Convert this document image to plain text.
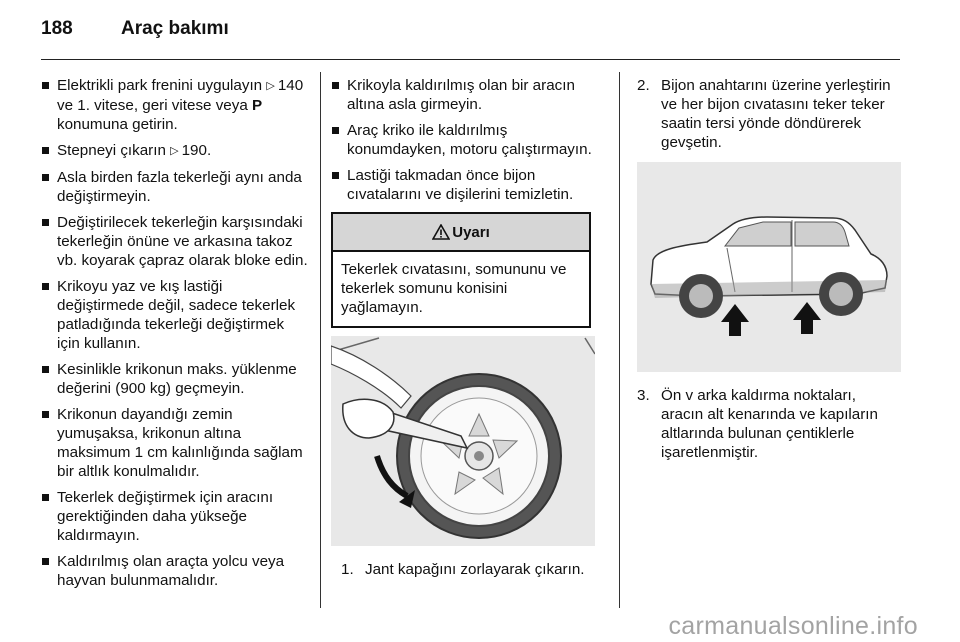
188	Araç bakımı
Elektrikli park frenini uygulayın ▷ 140 ve 1. vitese, geri vitese veya P konumuna getirin.
Stepneyi çıkarın ▷ 190.
Asla birden fazla tekerleği aynı anda değiştirmeyin.
Değiştirilecek tekerleğin karşısındaki tekerleğin önüne ve arkasına takoz vb. koyarak çapraz olarak bloke edin.
Krikoyu yaz ve kış lastiği değiştirmede değil, sadece tekerlek patladığında tekerleği değiştirmek için kullanın.
Kesinlikle krikonun maks. yüklenme değerini (900 kg) geçmeyin.
Krikonun dayandığı zemin yumuşaksa, krikonun altına maksimum 1 cm kalınlığında sağlam bir altlık konulmalıdır.
Tekerlek değiştirmek için aracını gerektiğinden daha yükseğe kaldırmayın.
Kaldırılmış olan araçta yolcu veya hayvan bulunmamalıdır.
Krikoyla kaldırılmış olan bir aracın altına asla girmeyin.
Araç kriko ile kaldırılmış konumdayken, motoru çalıştırmayın.
Lastiği takmadan önce bijon cıvatalarını ve dişilerini temizletin.
Uyarı
Tekerlek cıvatasını, somununu ve tekerlek somunu konisini yağlamayın.
1. Jant kapağını zorlayarak çıkarın.
2. Bijon anahtarını üzerine yerleştirin ve her bijon cıvatasını teker teker saatin tersi yönde döndürerek gevşetin.
3. Ön v arka kaldırma noktaları, aracın alt kenarında ve kapıların altlarında bulunan çentiklerle işaretlenmiştir.
carmanualsonline.info
